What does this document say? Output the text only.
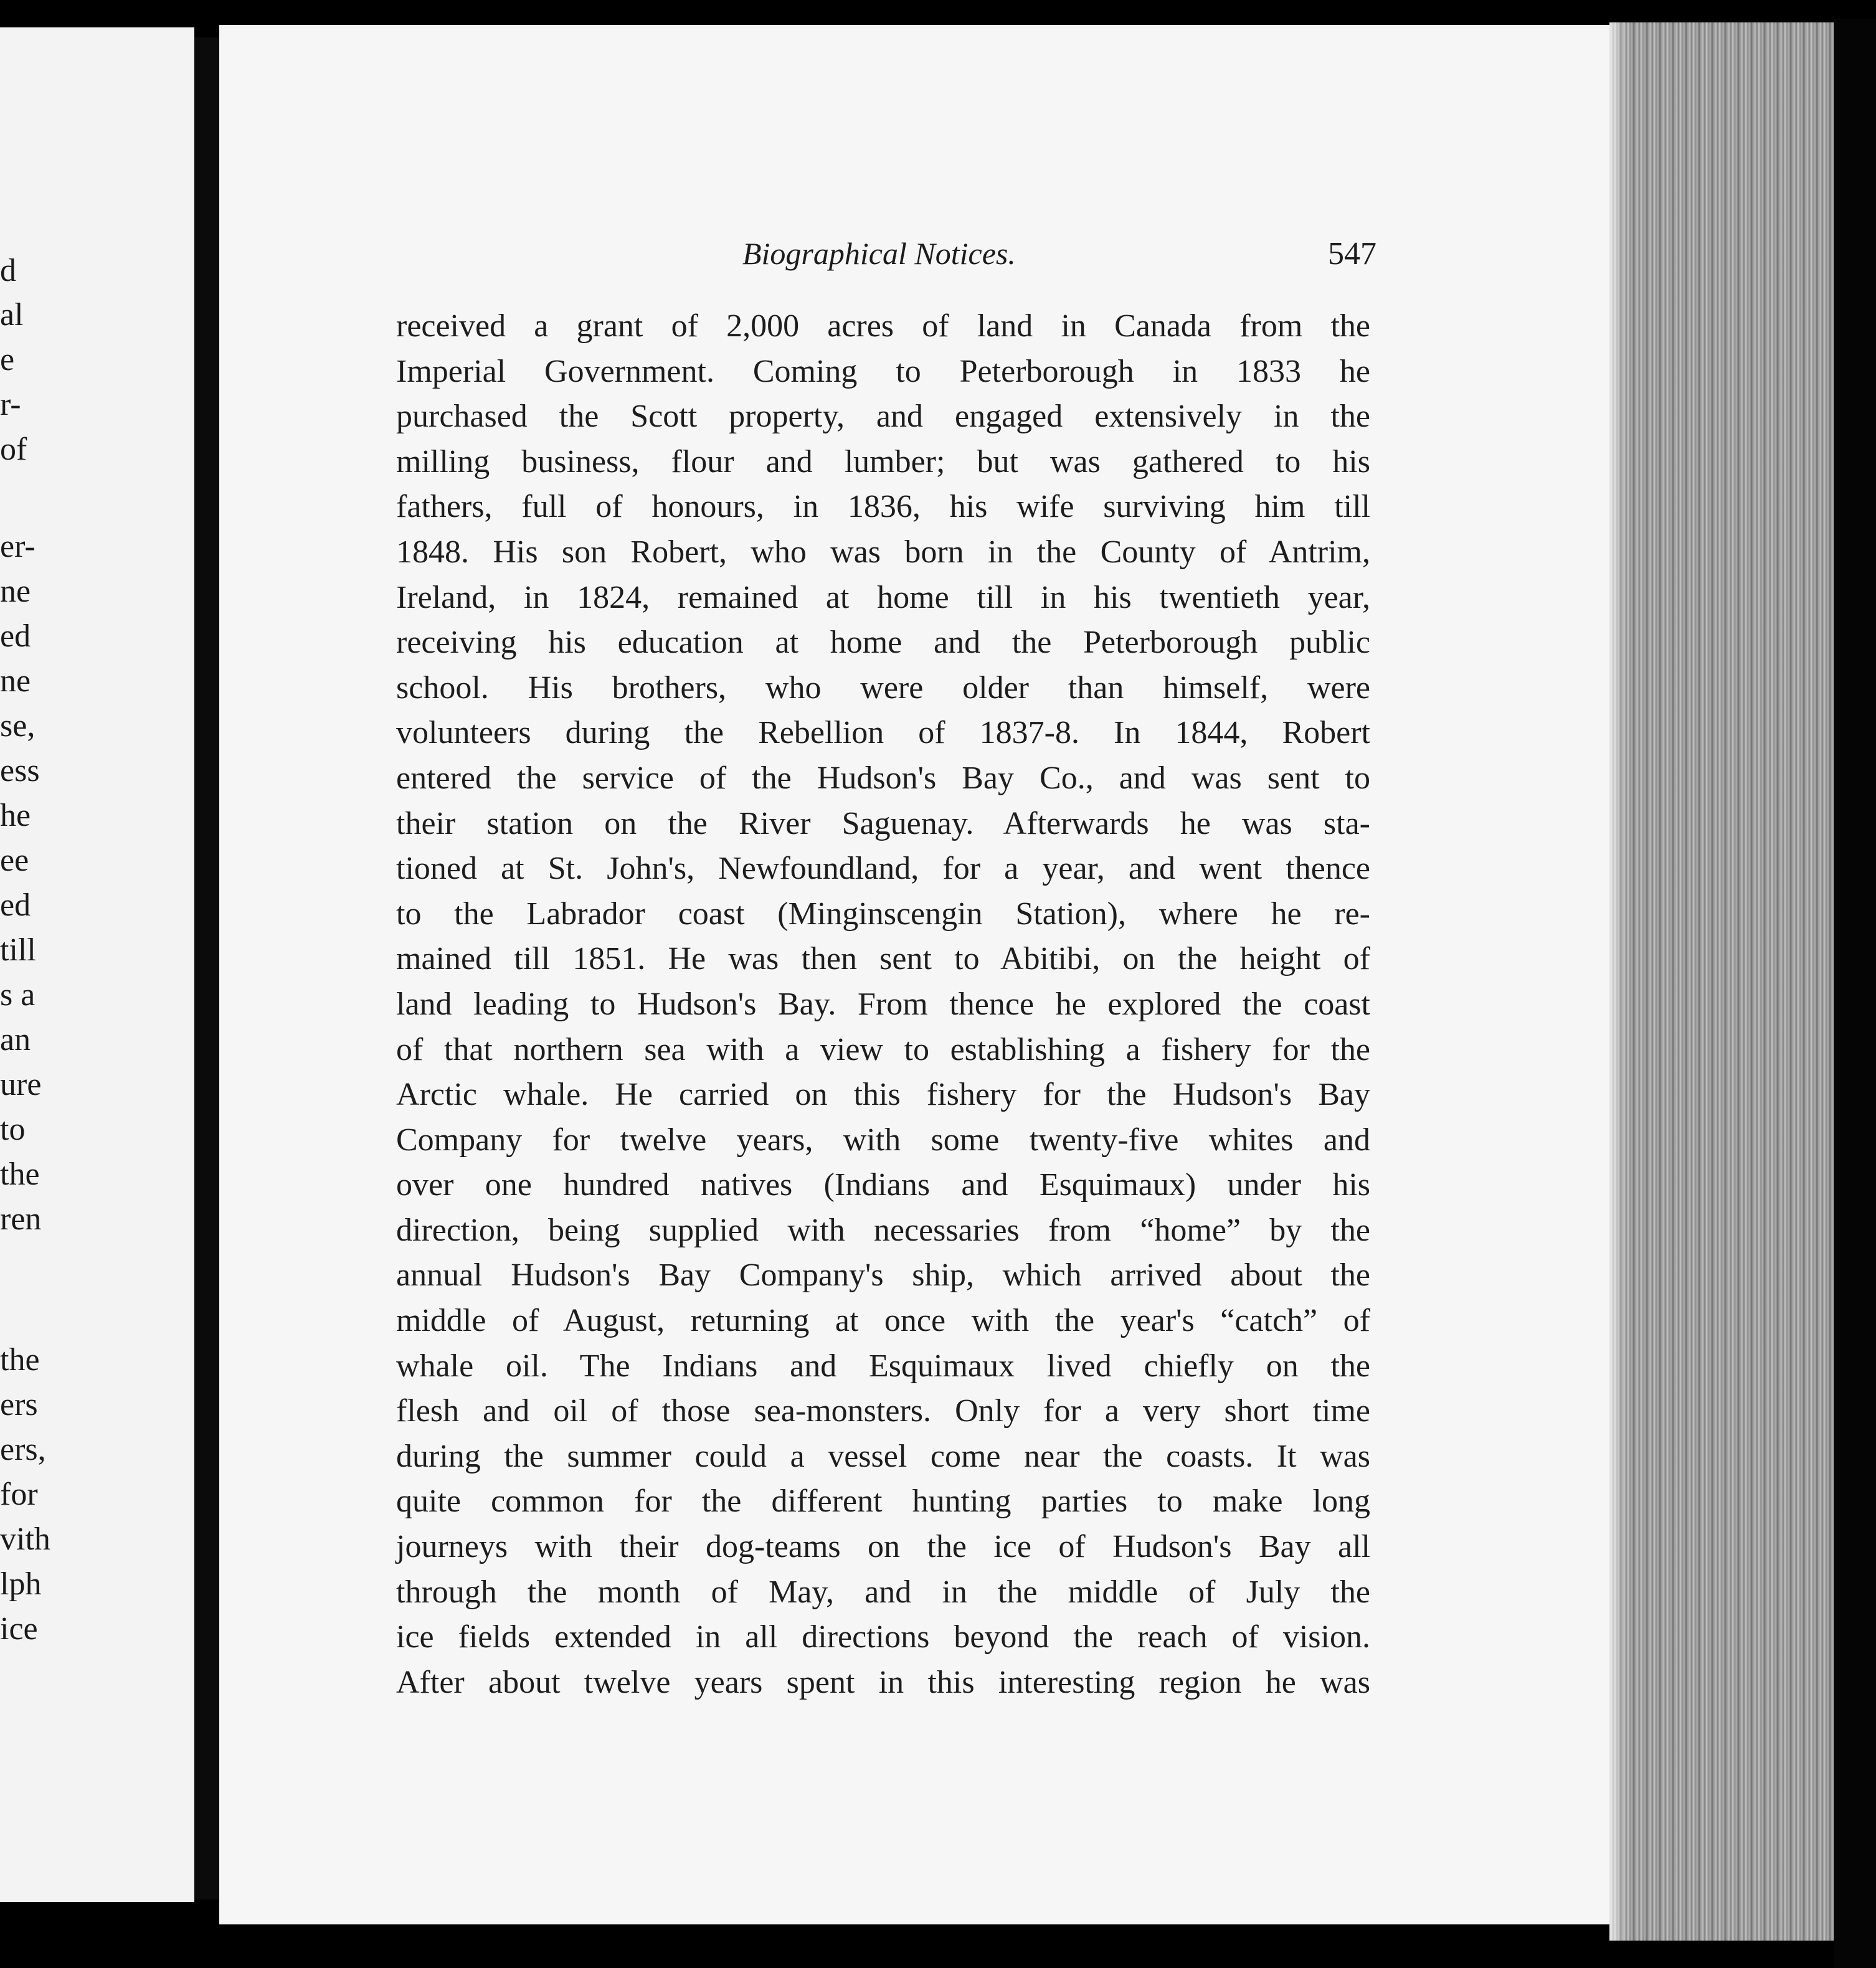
d
al
e
r-
of
er-
ne
ed
ne
se,
ess
he
ee
ed
till
s a
an
ure
to
the
ren
the
ers
ers,
for
vith
lph
ice
Biographical Notices.	547
received a grant of 2,000 acres of land in Canada from the
Imperial Government. Coming to Peterborough in 1833 he
purchased the Scott property, and engaged extensively in the
milling business, flour and lumber; but was gathered to his
fathers, full of honours, in 1836, his wife surviving him till
1848. His son Robert, who was born in the County of Antrim,
Ireland, in 1824, remained at home till in his twentieth year,
receiving his education at home and the Peterborough public
school. His brothers, who were older than himself, were
volunteers during the Rebellion of 1837-8. In 1844, Robert
entered the service of the Hudson's Bay Co., and was sent to
their station on the River Saguenay. Afterwards he was sta-
tioned at St. John's, Newfoundland, for a year, and went thence
to the Labrador coast (Minginscengin Station), where he re-
mained till 1851. He was then sent to Abitibi, on the height of
land leading to Hudson's Bay. From thence he explored the coast
of that northern sea with a view to establishing a fishery for the
Arctic whale. He carried on this fishery for the Hudson's Bay
Company for twelve years, with some twenty-five whites and
over one hundred natives (Indians and Esquimaux) under his
direction, being supplied with necessaries from “home” by the
annual Hudson's Bay Company's ship, which arrived about the
middle of August, returning at once with the year's “catch” of
whale oil. The Indians and Esquimaux lived chiefly on the
flesh and oil of those sea-monsters. Only for a very short time
during the summer could a vessel come near the coasts. It was
quite common for the different hunting parties to make long
journeys with their dog-teams on the ice of Hudson's Bay all
through the month of May, and in the middle of July the
ice fields extended in all directions beyond the reach of vision.
After about twelve years spent in this interesting region he was
